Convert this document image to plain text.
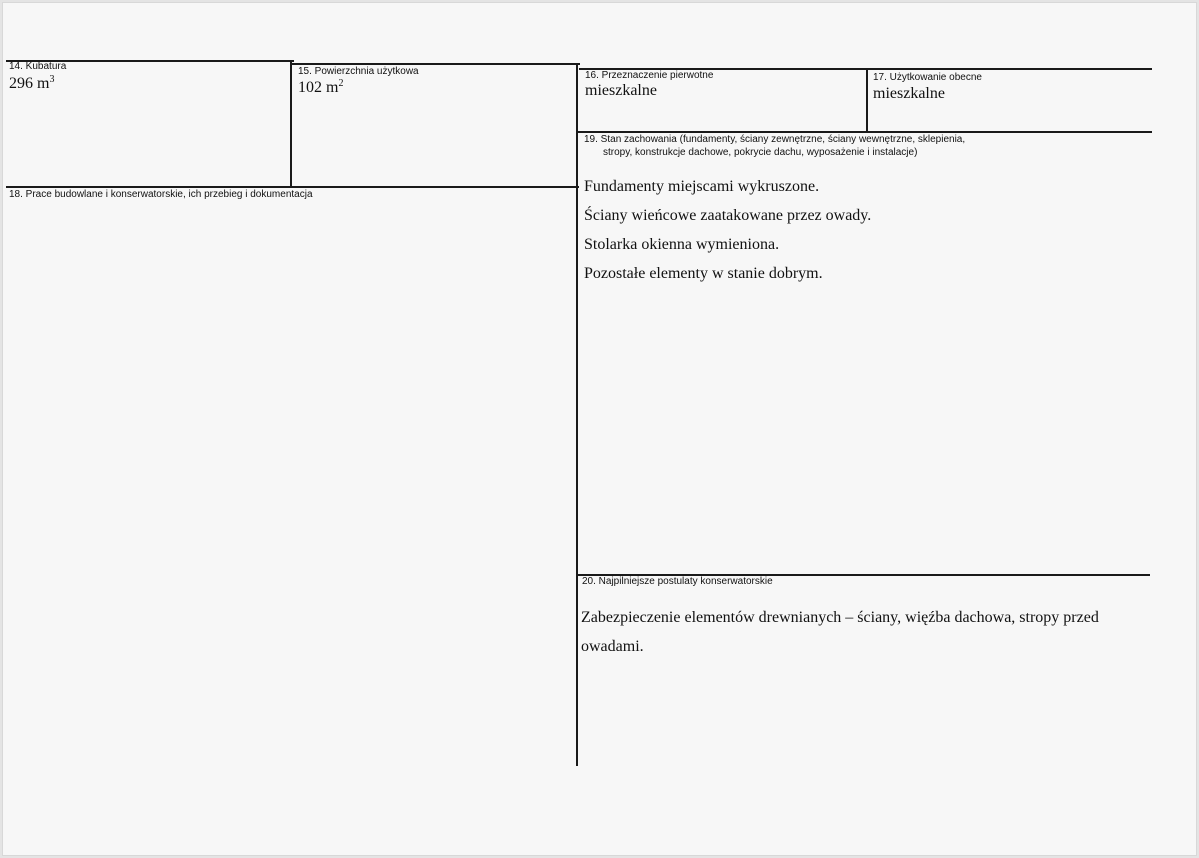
14. Kubatura
296 $m^3$
15. Powierzchnia użytkowa
102 $m^2$
16. Przeznaczenie pierwotne
mieszkalne
17. Użytkowanie obecne
mieszkalne
19. Stan zachowania (fundamenty, ściany zewnętrzne, ściany wewnętrzne, sklepienia,
stropy, konstrukcje dachowe, pokrycie dachu, wyposażenie i instalacje)
Fundamenty miejscami wykruszone.
Ściany wieńcowe zaatakowane przez owady.
Stolarka okienna wymieniona.
Pozostałe elementy w stanie dobrym.
18. Prace budowlane i konserwatorskie, ich przebieg i dokumentacja
20. Najpilniejsze postulaty konserwatorskie
Zabezpieczenie elementów drewnianych – ściany, więźba dachowa, stropy przed owadami.
